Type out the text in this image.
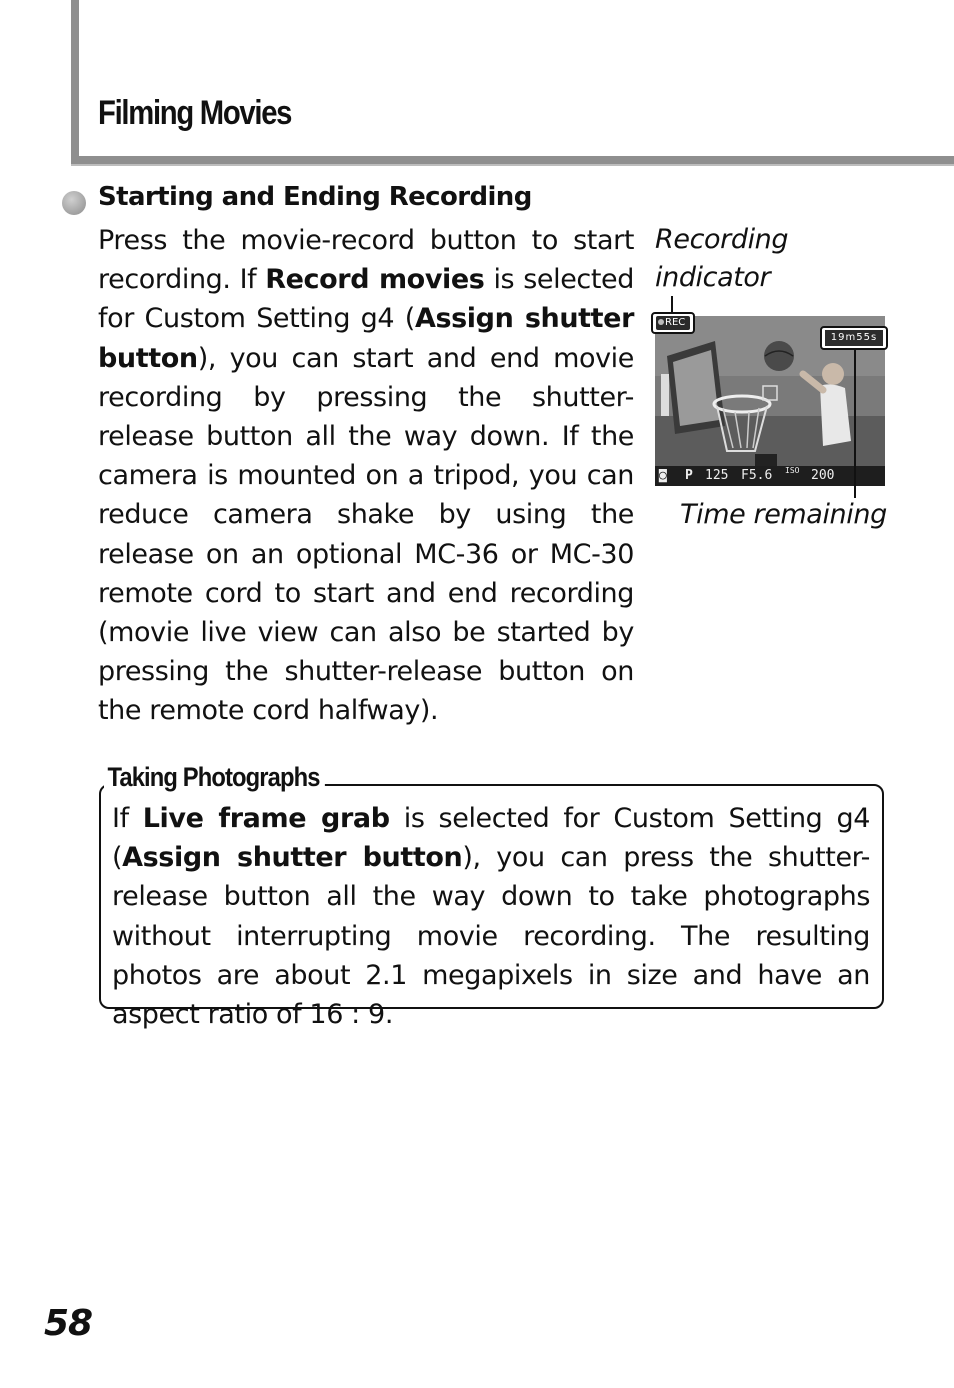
Filming Movies
Starting and Ending Recording

Press the movie-record button to start recording. If Record movies is selected for Custom Setting g4 (Assign shutter button), you can start and end movie recording by pressing the shutter-release button all the way down. If the camera is mounted on a tripod, you can reduce camera shake by using the release on an optional MC-36 or MC-30 remote cord to start and end recording (movie live view can also be started by pressing the shutter-release button on the remote cord halfway).

Recording indicator
◙ P 125 F5.6 ISO 200
REC
19m55s
Time remaining
Taking Photographs

If Live frame grab is selected for Custom Setting g4 (Assign shutter button), you can press the shutter-release button all the way down to take photographs without interrupting movie recording. The resulting photos are about 2.1 megapixels in size and have an aspect ratio of 16 : 9.

58
